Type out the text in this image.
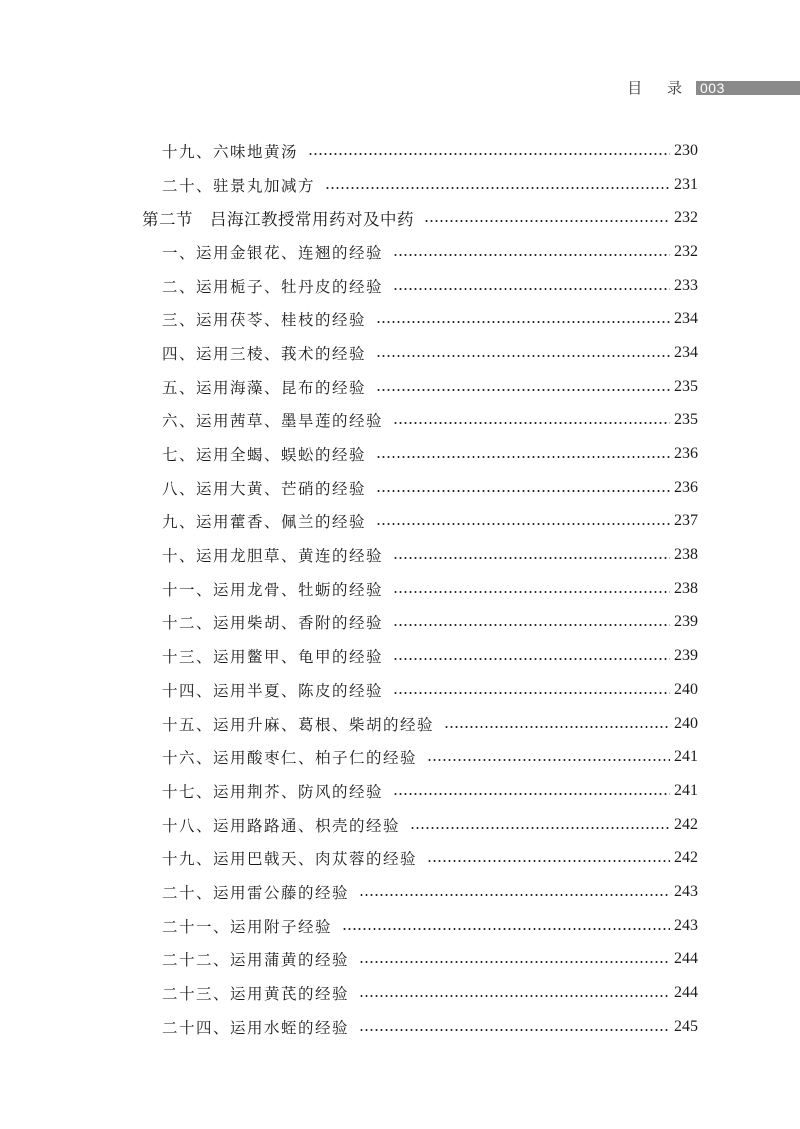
目 录 003
十九、六味地黄汤	230
二十、驻景丸加减方	231
第二节　吕海江教授常用药对及中药	232
一、运用金银花、连翘的经验	232
二、运用栀子、牡丹皮的经验	233
三、运用茯苓、桂枝的经验	234
四、运用三棱、莪术的经验	234
五、运用海藻、昆布的经验	235
六、运用茜草、墨旱莲的经验	235
七、运用全蝎、蜈蚣的经验	236
八、运用大黄、芒硝的经验	236
九、运用藿香、佩兰的经验	237
十、运用龙胆草、黄连的经验	238
十一、运用龙骨、牡蛎的经验	238
十二、运用柴胡、香附的经验	239
十三、运用鳖甲、龟甲的经验	239
十四、运用半夏、陈皮的经验	240
十五、运用升麻、葛根、柴胡的经验	240
十六、运用酸枣仁、柏子仁的经验	241
十七、运用荆芥、防风的经验	241
十八、运用路路通、枳壳的经验	242
十九、运用巴戟天、肉苁蓉的经验	242
二十、运用雷公藤的经验	243
二十一、运用附子经验	243
二十二、运用蒲黄的经验	244
二十三、运用黄芪的经验	244
二十四、运用水蛭的经验	245
